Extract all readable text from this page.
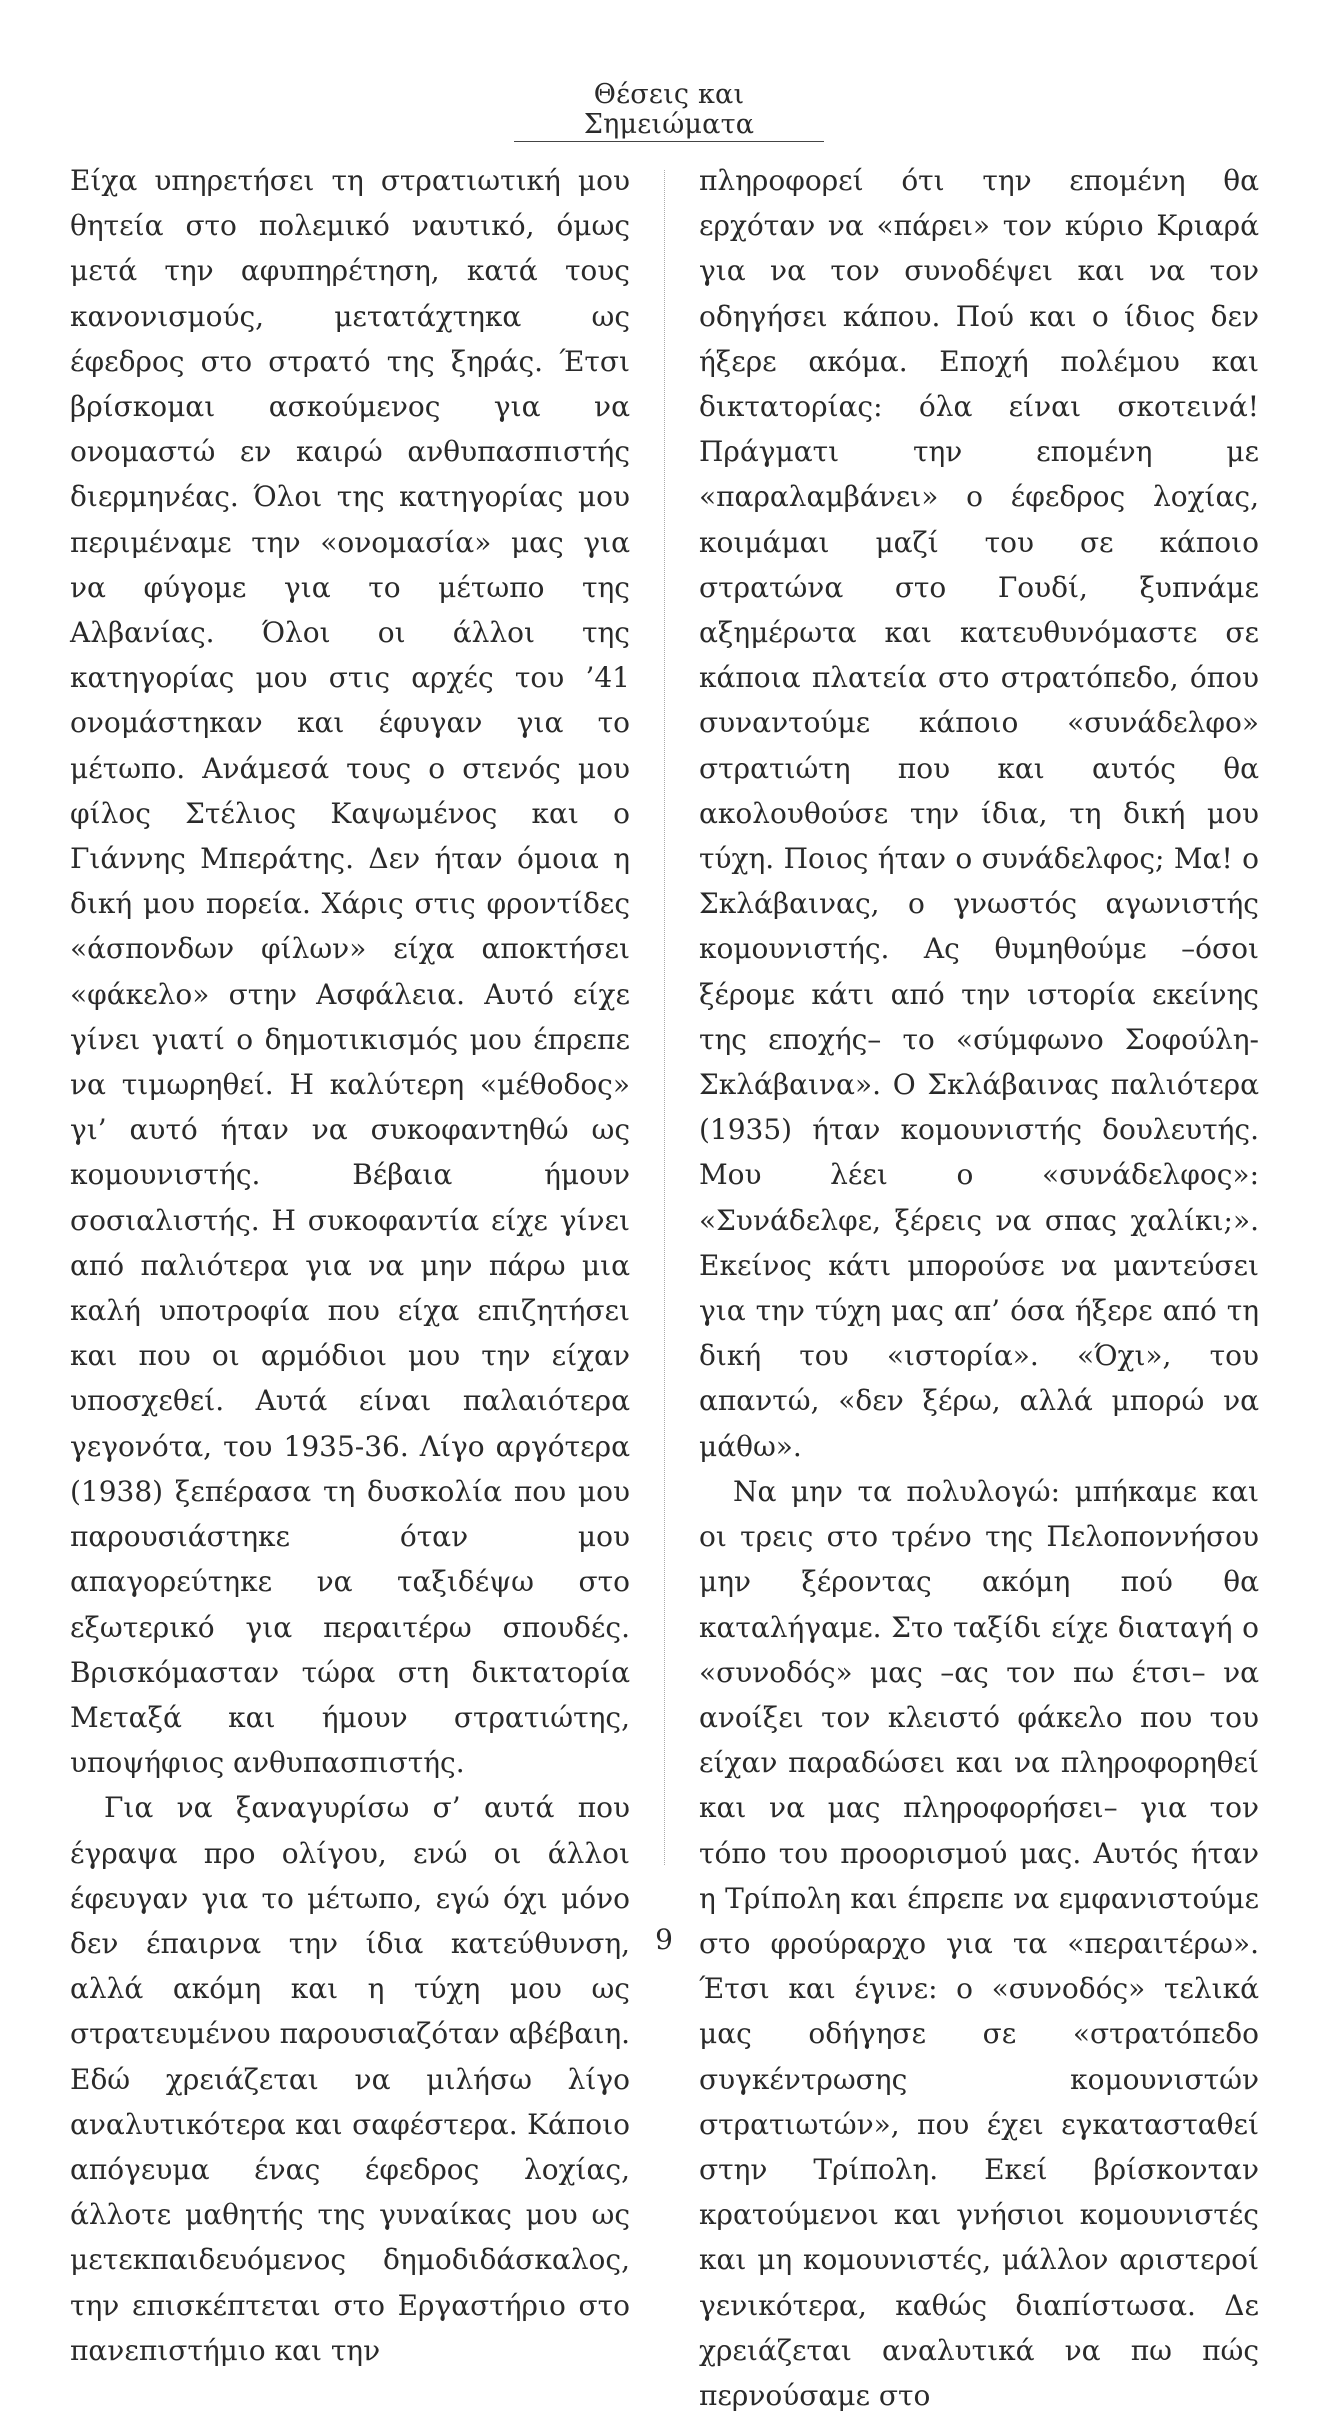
Θέσεις και Σημειώματα

Είχα υπηρετήσει τη στρατιωτική μου θητεία στο πολεμικό ναυτικό, όμως μετά την αφυπηρέτηση, κατά τους κανονισμούς, μετατάχτηκα ως έφεδρος στο στρατό της ξηράς. Έτσι βρίσκομαι ασκούμενος για να ονομαστώ εν καιρώ ανθυπασπιστής διερμηνέας. Όλοι της κατηγορίας μου περιμέναμε την «ονομασία» μας για να φύγομε για το μέτωπο της Αλβανίας. Όλοι οι άλλοι της κατηγορίας μου στις αρχές του ’41 ονομάστηκαν και έφυγαν για το μέτωπο. Ανάμεσά τους ο στενός μου φίλος Στέλιος Καψωμένος και ο Γιάννης Μπεράτης. Δεν ήταν όμοια η δική μου πορεία. Χάρις στις φροντίδες «άσπονδων φίλων» είχα αποκτήσει «φάκελο» στην Ασφάλεια. Αυτό είχε γίνει γιατί ο δημοτικισμός μου έπρεπε να τιμωρηθεί. Η καλύτερη «μέθοδος» γι’ αυτό ήταν να συκοφαντηθώ ως κομουνιστής. Βέβαια ήμουν σοσιαλιστής. Η συκοφαντία είχε γίνει από παλιότερα για να μην πάρω μια καλή υποτροφία που είχα επιζητήσει και που οι αρμόδιοι μου την είχαν υποσχεθεί. Αυτά είναι παλαιότερα γεγονότα, του 1935-36. Λίγο αργότερα (1938) ξεπέρασα τη δυσκολία που μου παρουσιάστηκε όταν μου απαγορεύτηκε να ταξιδέψω στο εξωτερικό για περαιτέρω σπουδές. Βρισκόμασταν τώρα στη δικτατορία Μεταξά και ήμουν στρατιώτης, υποψήφιος ανθυπασπιστής.

Για να ξαναγυρίσω σ’ αυτά που έγραψα προ ολίγου, ενώ οι άλλοι έφευγαν για το μέτωπο, εγώ όχι μόνο δεν έπαιρνα την ίδια κατεύθυνση, αλλά ακόμη και η τύχη μου ως στρατευμένου παρουσιαζόταν αβέβαιη. Εδώ χρειάζεται να μιλήσω λίγο αναλυτικότερα και σαφέστερα. Κάποιο απόγευμα ένας έφεδρος λοχίας, άλλοτε μαθητής της γυναίκας μου ως μετεκπαιδευόμενος δημοδιδάσκαλος, την επισκέπτεται στο Εργαστήριο στο πανεπιστήμιο και την

πληροφορεί ότι την επομένη θα ερχόταν να «πάρει» τον κύριο Κριαρά για να τον συνοδέψει και να τον οδηγήσει κάπου. Πού και ο ίδιος δεν ήξερε ακόμα. Εποχή πολέμου και δικτατορίας: όλα είναι σκοτεινά! Πράγματι την επομένη με «παραλαμβάνει» ο έφεδρος λοχίας, κοιμάμαι μαζί του σε κάποιο στρατώνα στο Γουδί, ξυπνάμε αξημέρωτα και κατευθυνόμαστε σε κάποια πλατεία στο στρατόπεδο, όπου συναντούμε κάποιο «συνάδελφο» στρατιώτη που και αυτός θα ακολουθούσε την ίδια, τη δική μου τύχη. Ποιος ήταν ο συνάδελφος; Μα! ο Σκλάβαινας, ο γνωστός αγωνιστής κομουνιστής. Ας θυμηθούμε –όσοι ξέρομε κάτι από την ιστορία εκείνης της εποχής– το «σύμφωνο Σοφούλη-Σκλάβαινα». Ο Σκλάβαινας παλιότερα (1935) ήταν κομουνιστής δουλευτής. Μου λέει ο «συνάδελφος»: «Συνάδελφε, ξέρεις να σπας χαλίκι;». Εκείνος κάτι μπορούσε να μαντεύσει για την τύχη μας απ’ όσα ήξερε από τη δική του «ιστορία». «Όχι», του απαντώ, «δεν ξέρω, αλλά μπορώ να μάθω».

Να μην τα πολυλογώ: μπήκαμε και οι τρεις στο τρένο της Πελοποννήσου μην ξέροντας ακόμη πού θα καταλήγαμε. Στο ταξίδι είχε διαταγή ο «συνοδός» μας –ας τον πω έτσι– να ανοίξει τον κλειστό φάκελο που του είχαν παραδώσει και να πληροφορηθεί και να μας πληροφορήσει– για τον τόπο του προορισμού μας. Αυτός ήταν η Τρίπολη και έπρεπε να εμφανιστούμε στο φρούραρχο για τα «περαιτέρω». Έτσι και έγινε: ο «συνοδός» τελικά μας οδήγησε σε «στρατόπεδο συγκέντρωσης κομουνιστών στρατιωτών», που έχει εγκατασταθεί στην Τρίπολη. Εκεί βρίσκονταν κρατούμενοι και γνήσιοι κομουνιστές και μη κομουνιστές, μάλλον αριστεροί γενικότερα, καθώς διαπίστωσα. Δε χρειάζεται αναλυτικά να πω πώς περνούσαμε στο

9
